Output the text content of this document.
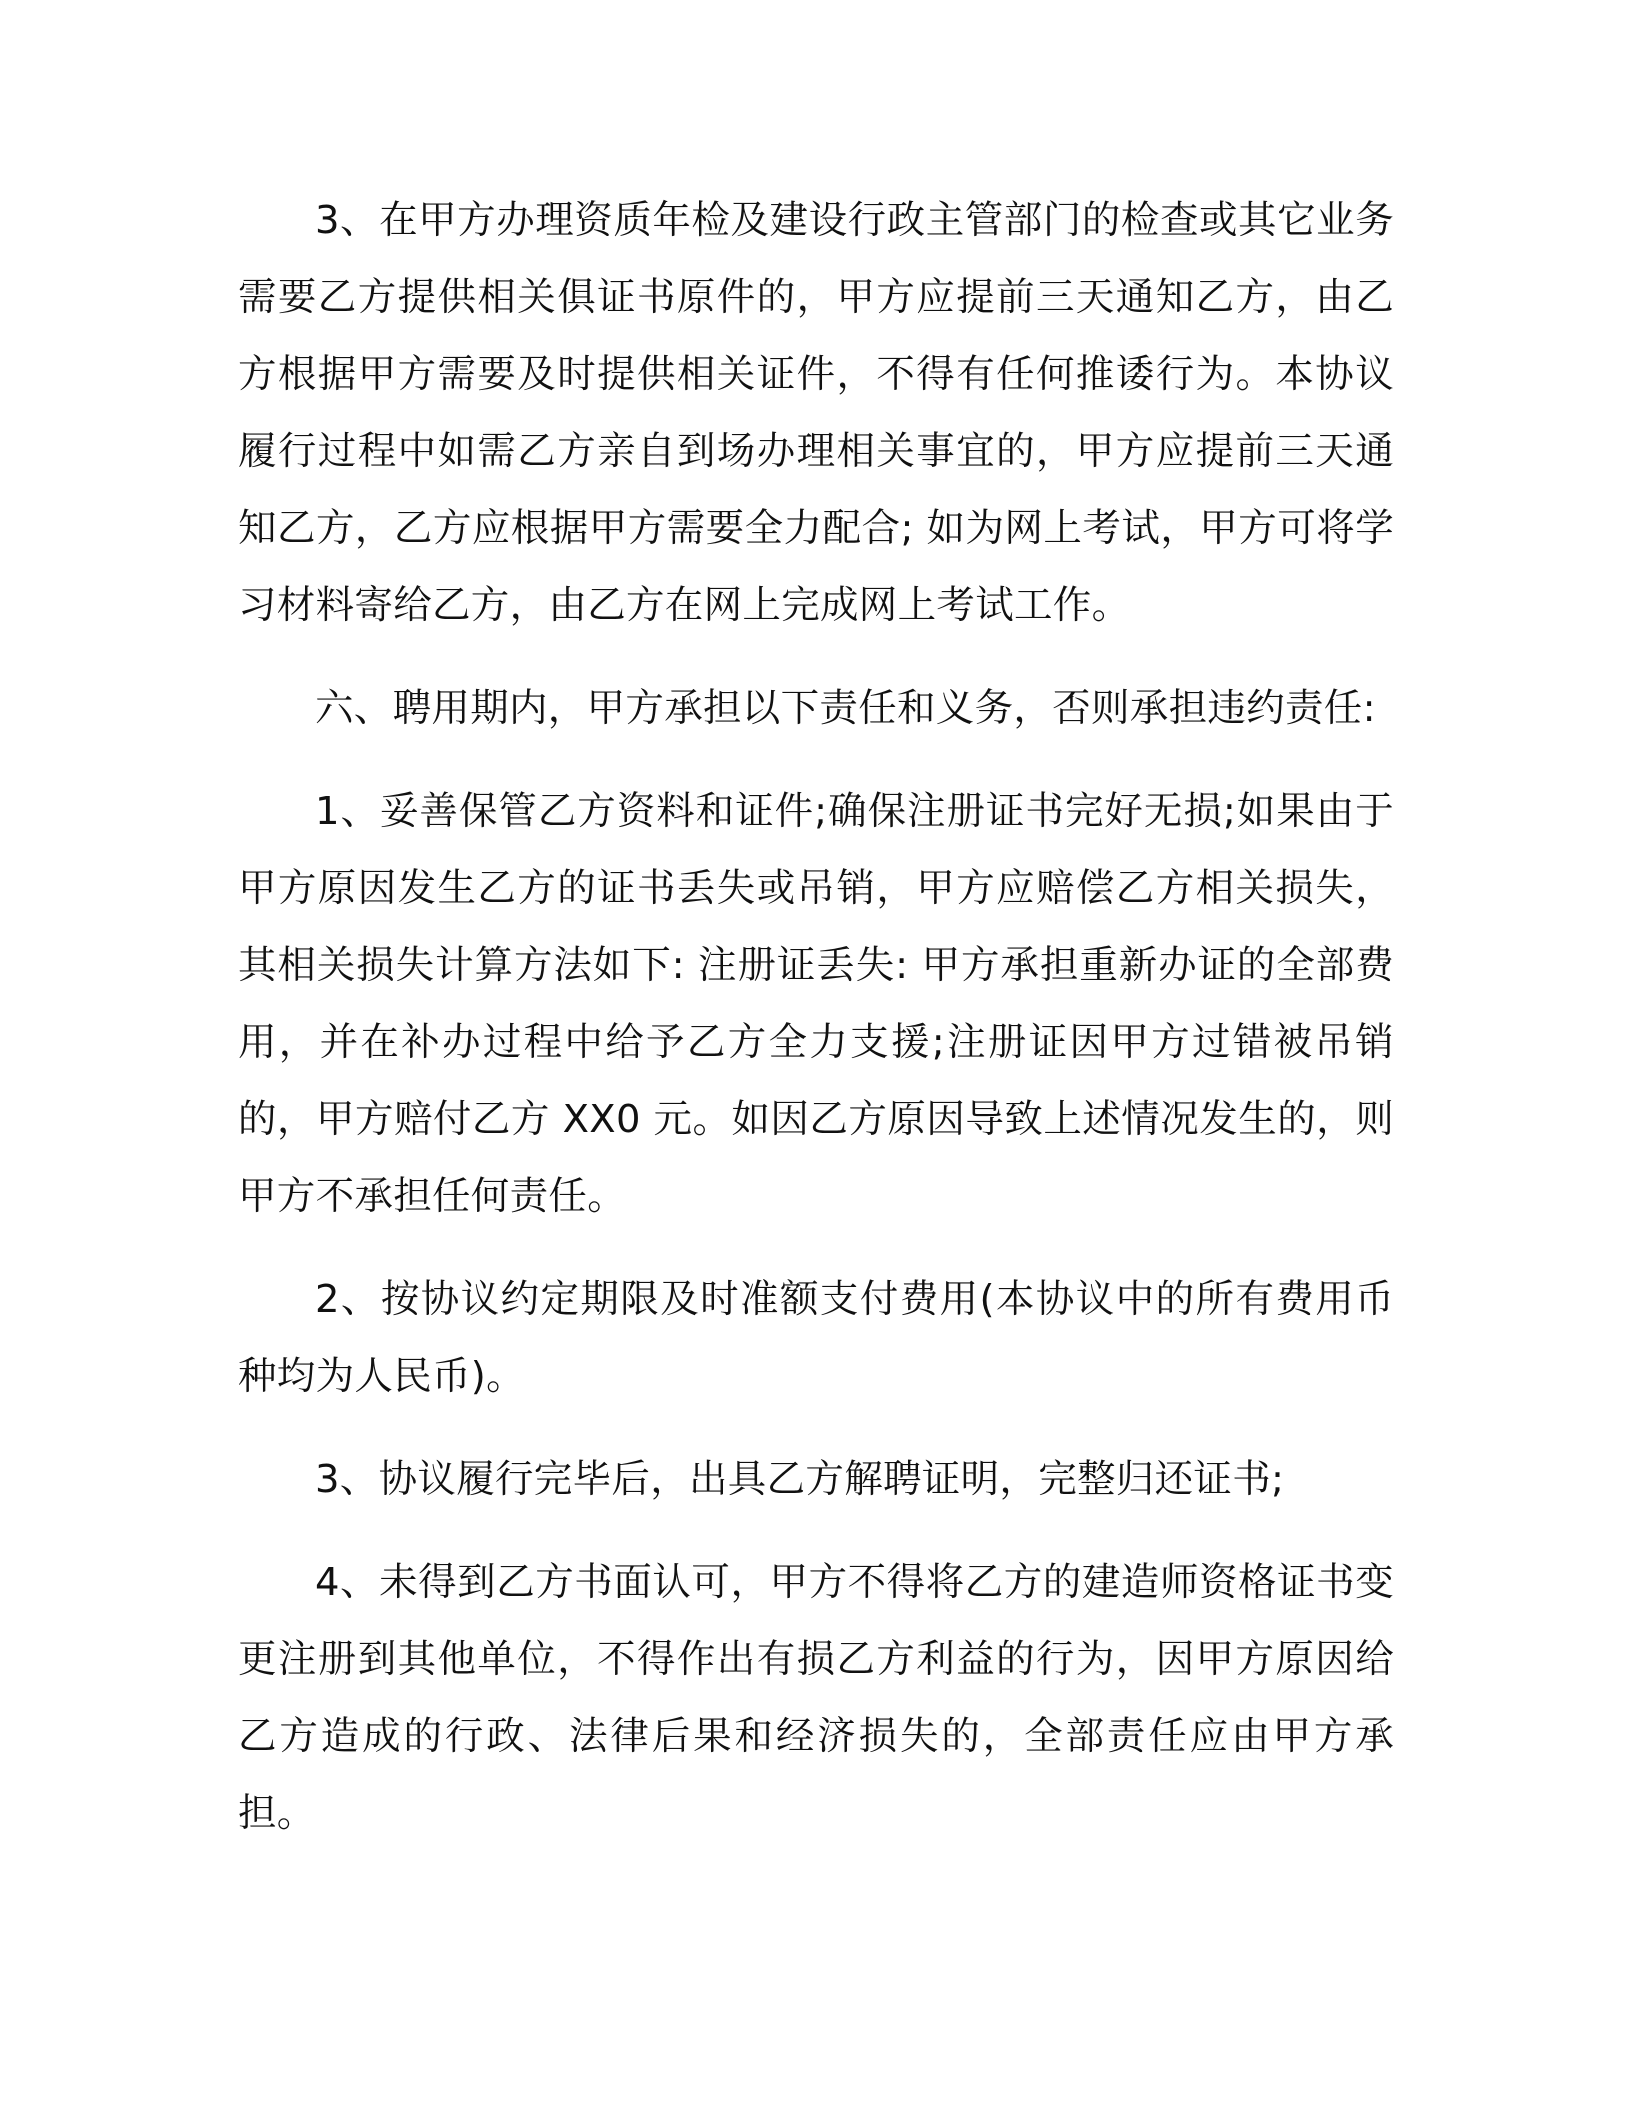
3、在甲方办理资质年检及建设行政主管部门的检查或其它业务需要乙方提供相关俱证书原件的，甲方应提前三天通知乙方，由乙方根据甲方需要及时提供相关证件，不得有任何推诿行为。本协议履行过程中如需乙方亲自到场办理相关事宜的，甲方应提前三天通知乙方，乙方应根据甲方需要全力配合; 如为网上考试，甲方可将学习材料寄给乙方，由乙方在网上完成网上考试工作。

六、聘用期内，甲方承担以下责任和义务，否则承担违约责任:

1、妥善保管乙方资料和证件;确保注册证书完好无损;如果由于甲方原因发生乙方的证书丢失或吊销，甲方应赔偿乙方相关损失，其相关损失计算方法如下: 注册证丢失: 甲方承担重新办证的全部费用，并在补办过程中给予乙方全力支援;注册证因甲方过错被吊销的，甲方赔付乙方 XX0 元。如因乙方原因导致上述情况发生的，则甲方不承担任何责任。

2、按协议约定期限及时准额支付费用(本协议中的所有费用币种均为人民币)。

3、协议履行完毕后，出具乙方解聘证明，完整归还证书;

4、未得到乙方书面认可，甲方不得将乙方的建造师资格证书变更注册到其他单位，不得作出有损乙方利益的行为，因甲方原因给乙方造成的行政、法律后果和经济损失的，全部责任应由甲方承担。
